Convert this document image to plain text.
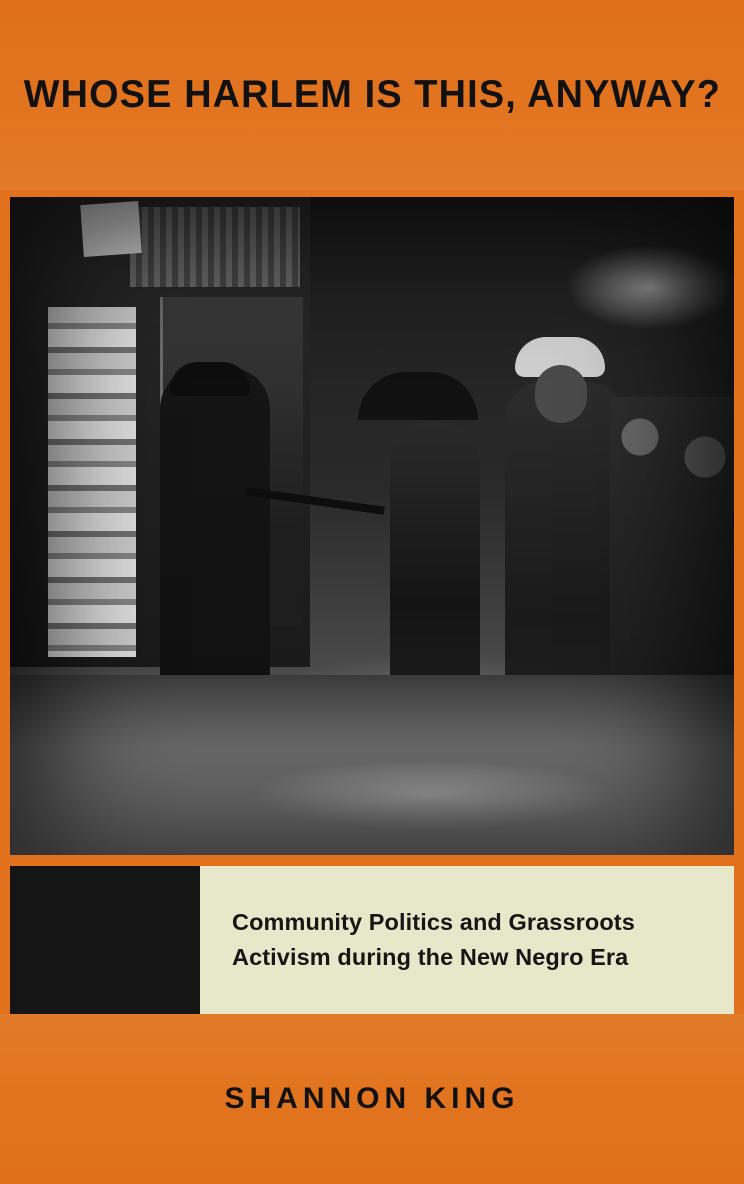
WHOSE HARLEM IS THIS, ANYWAY?
Community Politics and Grassroots
Activism during the New Negro Era
SHANNON KING
